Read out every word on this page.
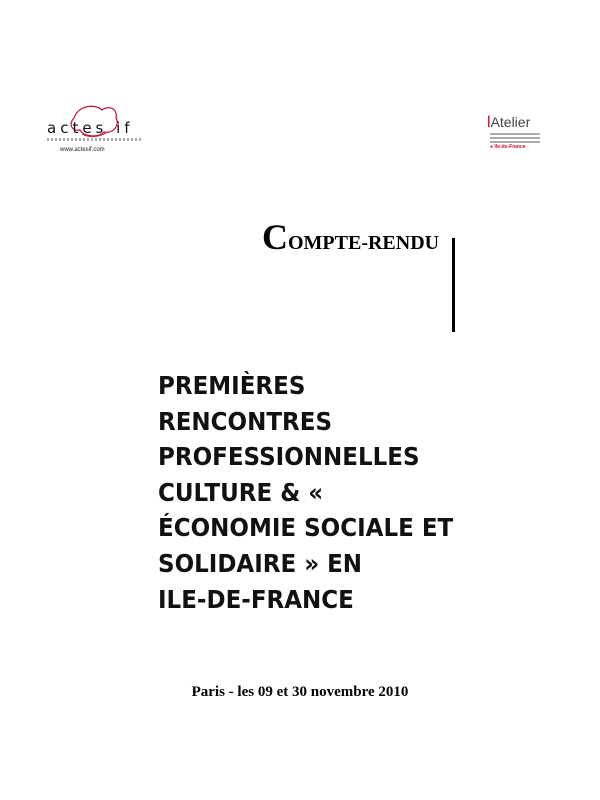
actes if
www.actesif.com
lAtelier
● Ile-de-France
COMPTE-RENDU
PREMIÈRES
RENCONTRES
PROFESSIONNELLES
CULTURE & «
ÉCONOMIE SOCIALE ET
SOLIDAIRE » EN
ILE-DE-FRANCE
Paris - les 09 et 30 novembre 2010
